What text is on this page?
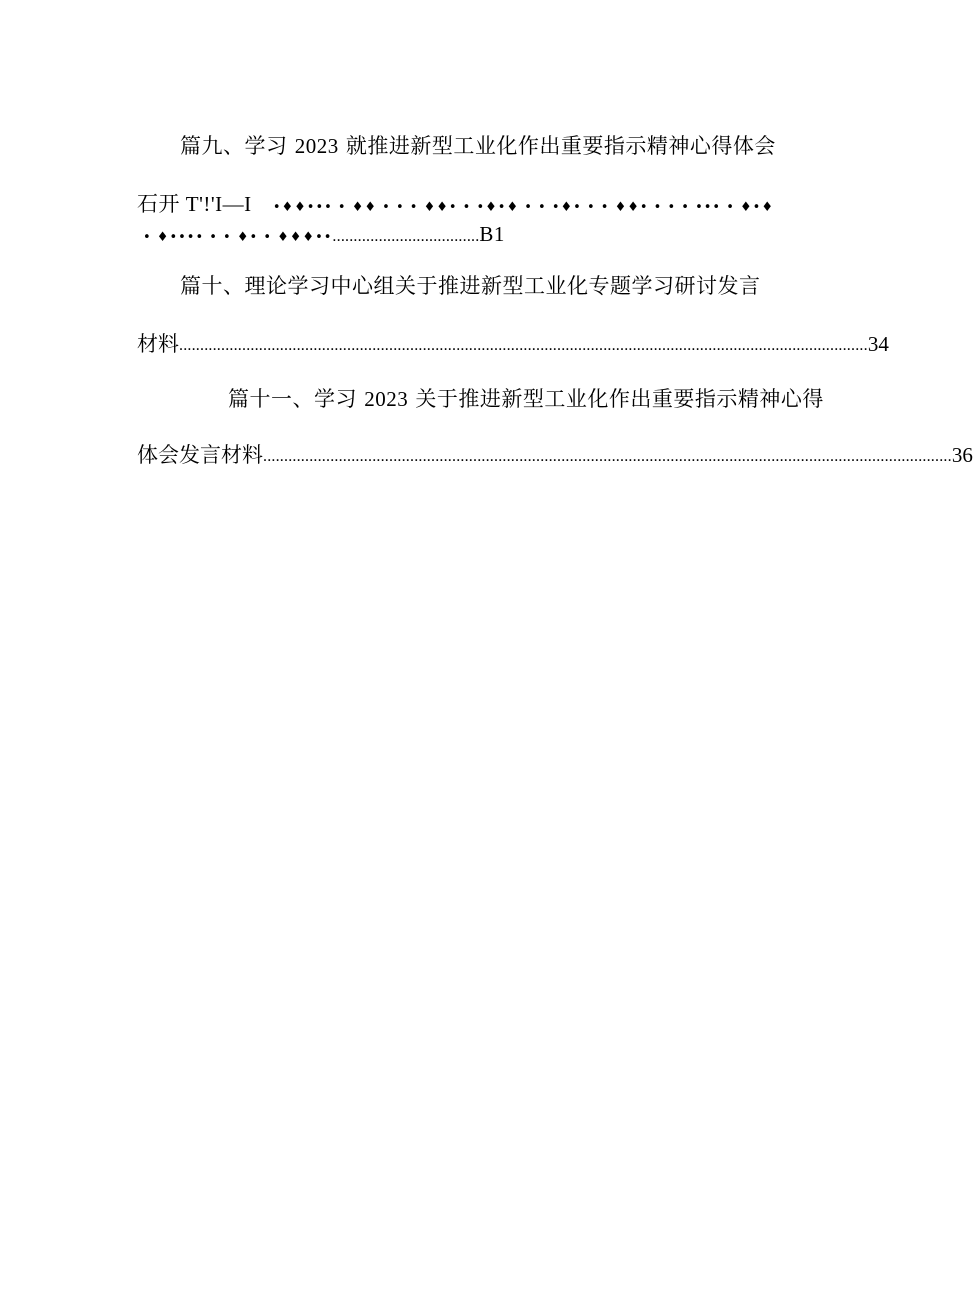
篇九、学习 2023 就推进新型工业化作出重要指示精神心得体会
石开 T'!'I—I •♦♦••• • ♦♦ • • • ♦♦• • •♦•♦ • • •♦• • • ♦♦• • • • ••• • ♦•♦
• ♦•••• • • ♦• • ♦♦♦••...................................B1
篇十、理论学习中心组关于推进新型工业化专题学习研讨发言
材料 .................................................................................................................................................................... 34
篇十一、学习 2023 关于推进新型工业化作出重要指示精神心得
体会发言材料 .................................................................................................................................................................... 36
